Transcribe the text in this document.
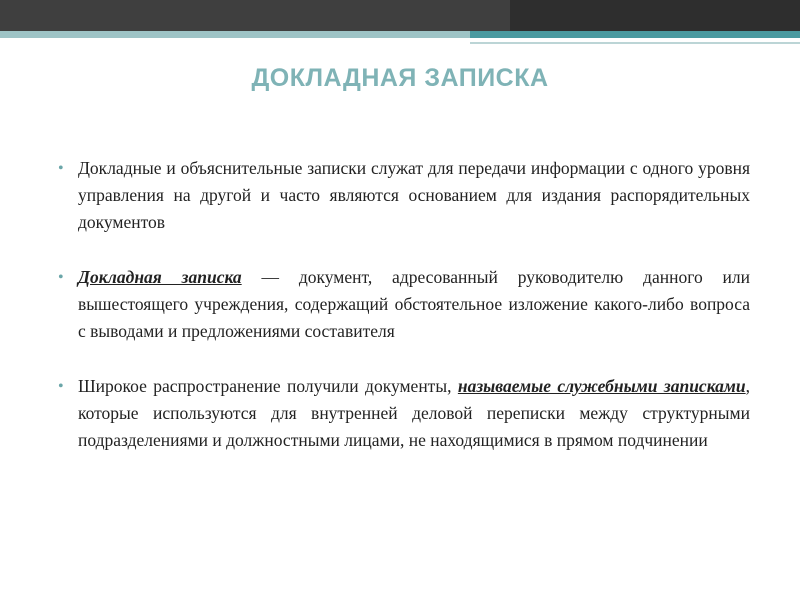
ДОКЛАДНАЯ ЗАПИСКА
• Докладные и объяснительные записки служат для передачи информации с одного уровня управления на другой и часто являются основанием для издания распорядительных документов
• Докладная записка — документ, адресованный руководителю данного или вышестоящего учреждения, содержащий обстоятельное изложение какого-либо вопроса с выводами и предложениями составителя
• Широкое распространение получили документы, называемые служебными записками, которые используются для внутренней деловой переписки между структурными подразделениями и должностными лицами, не находящимися в прямом подчинении
